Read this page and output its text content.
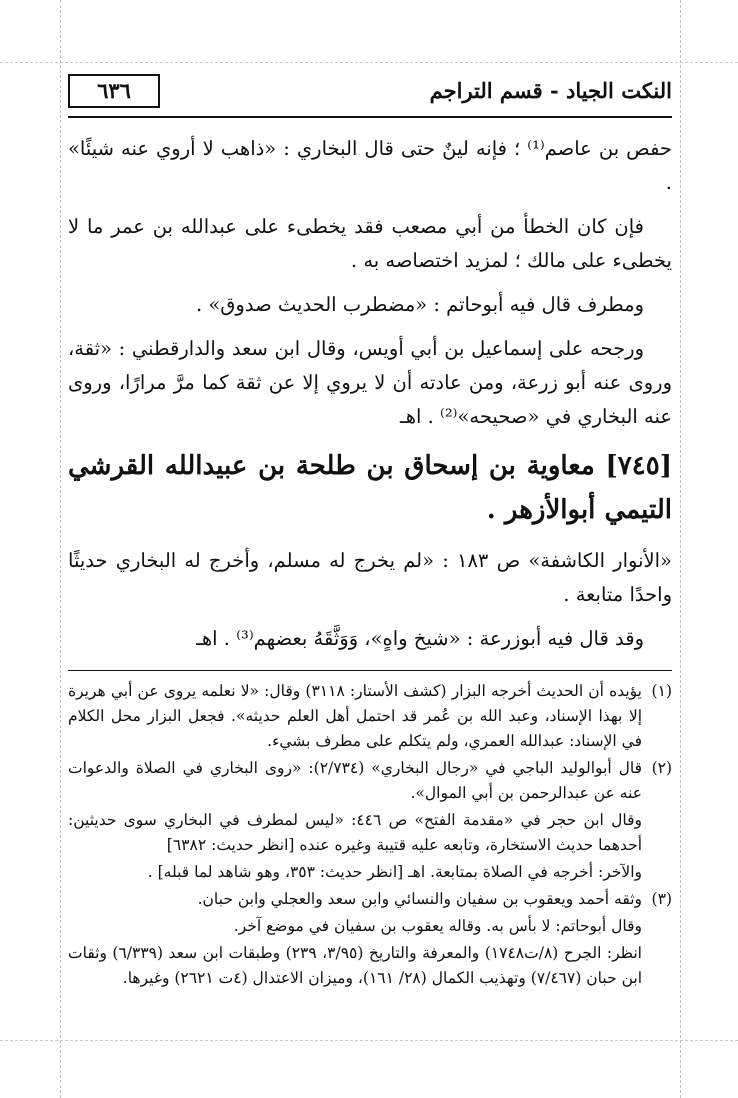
النكت الجياد - قسم التراجم
٦٣٦

حفص بن عاصم⁽¹⁾ ؛ فإنه لينٌ حتى قال البخاري : «ذاهب لا أروي عنه شيئًا» .

فإن كان الخطأ من أبي مصعب فقد يخطىء على عبدالله بن عمر ما لا يخطىء على مالك ؛ لمزيد اختصاصه به .

ومطرف قال فيه أبوحاتم : «مضطرب الحديث صدوق» .

ورجحه على إسماعيل بن أبي أويس، وقال ابن سعد والدارقطني : «ثقة، وروى عنه أبو زرعة، ومن عادته أن لا يروي إلا عن ثقة كما مرَّ مرارًا، وروى عنه البخاري في «صحيحه»⁽²⁾ . اهـ

[٧٤٥] معاوية بن إسحاق بن طلحة بن عبيدالله القرشي التيمي أبوالأزهر .

«الأنوار الكاشفة» ص ١٨٣ : «لم يخرج له مسلم، وأخرج له البخاري حديثًا واحدًا متابعة .

وقد قال فيه أبوزرعة : «شيخ واهٍ»، وَوَثَّقَهُ بعضهم⁽³⁾ . اهـ

(١)يؤيده أن الحديث أخرجه البزار (كشف الأستار: ٣١١٨) وقال: «لا نعلمه يروى عن أبي هريرة إلا بهذا الإسناد، وعبد الله بن عُمر قد احتمل أهل العلم حديثه». فجعل البزار محل الكلام في الإسناد: عبدالله العمري، ولم يتكلم على مطرف بشيء.

(٢)قال أبوالوليد الباجي في «رجال البخاري» (٢/٧٣٤): «روى البخاري في الصلاة والدعوات عنه عن عبدالرحمن بن أبي الموال».

وقال ابن حجر في «مقدمة الفتح» ص ٤٤٦: «ليس لمطرف في البخاري سوى حديثين: أحدهما حديث الاستخارة، وتابعه عليه قتيبة وغيره عنده [انظر حديث: ٦٣٨٢]

والآخر: أخرجه في الصلاة بمتابعة. اهـ [انظر حديث: ٣٥٣، وهو شاهد لما قبله] .

(٣)وثقه أحمد ويعقوب بن سفيان والنسائي وابن سعد والعجلي وابن حبان.

وقال أبوحاتم: لا بأس به. وقاله يعقوب بن سفيان في موضع آخر.

انظر: الجرح (٨/ت١٧٤٨) والمعرفة والتاريخ (٣/٩٥، ٢٣٩) وطبقات ابن سعد (٦/٣٣٩) وثقات ابن حبان (٧/٤٦٧) وتهذيب الكمال (٢٨/ ١٦١)، وميزان الاعتدال (٤ت ٢٦٢١) وغيرها.
